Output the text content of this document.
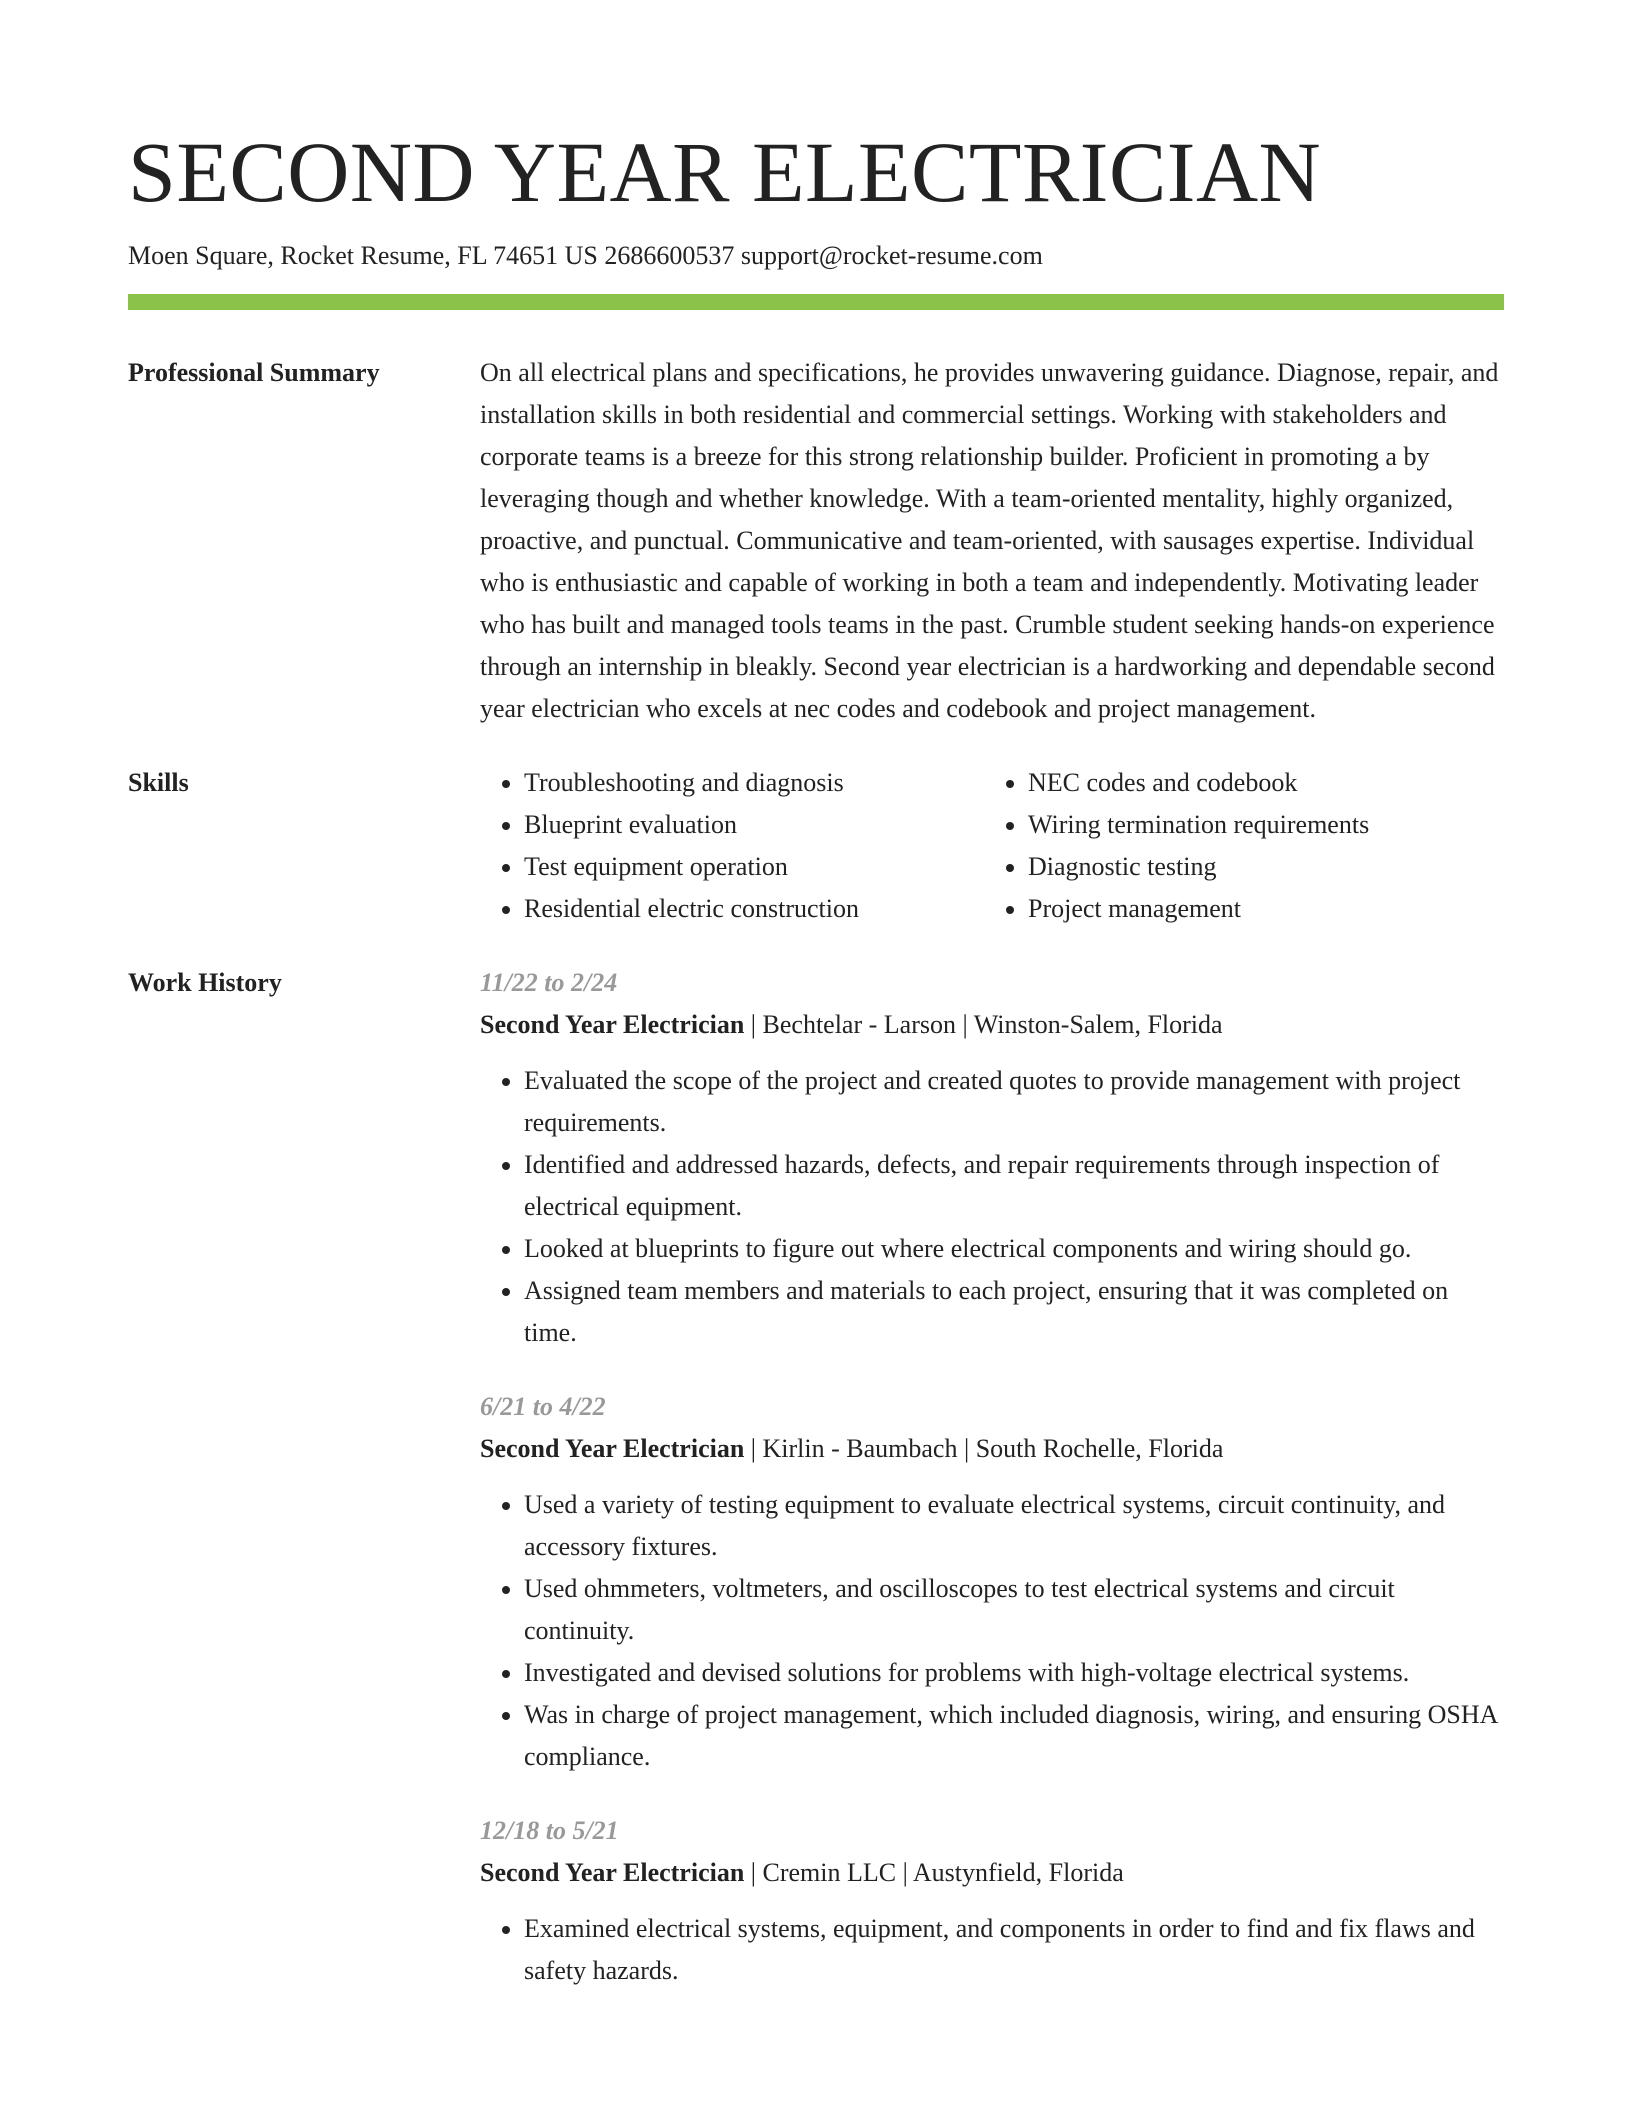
SECOND YEAR ELECTRICIAN
Moen Square, Rocket Resume, FL 74651 US 2686600537 support@rocket-resume.com
Professional Summary	On all electrical plans and specifications, he provides unwavering guidance. Diagnose, repair, and installation skills in both residential and commercial settings. Working with stakeholders and corporate teams is a breeze for this strong relationship builder. Proficient in promoting a by leveraging though and whether knowledge. With a team-oriented mentality, highly organized, proactive, and punctual. Communicative and team-oriented, with sausages expertise. Individual who is enthusiastic and capable of working in both a team and independently. Motivating leader who has built and managed tools teams in the past. Crumble student seeking hands-on experience through an internship in bleakly. Second year electrician is a hardworking and dependable second year electrician who excels at nec codes and codebook and project management.

Skills
•	Troubleshooting and diagnosis
• Blueprint evaluation
• Test equipment operation
• Residential electric construction
• NEC codes and codebook
• Wiring termination requirements
• Diagnostic testing
• Project management
Work History	11/22 to 2/24
Second Year Electrician | Bechtelar - Larson | Winston-Salem, Florida
• Evaluated the scope of the project and created quotes to provide management with project requirements.
• Identified and addressed hazards, defects, and repair requirements through inspection of electrical equipment.
• Looked at blueprints to figure out where electrical components and wiring should go.
• Assigned team members and materials to each project, ensuring that it was completed on time.
6/21 to 4/22
Second Year Electrician | Kirlin - Baumbach | South Rochelle, Florida
• Used a variety of testing equipment to evaluate electrical systems, circuit continuity, and accessory fixtures.
• Used ohmmeters, voltmeters, and oscilloscopes to test electrical systems and circuit continuity.
• Investigated and devised solutions for problems with high-voltage electrical systems.
• Was in charge of project management, which included diagnosis, wiring, and ensuring OSHA compliance.
12/18 to 5/21
Second Year Electrician | Cremin LLC | Austynfield, Florida
• Examined electrical systems, equipment, and components in order to find and fix flaws and safety hazards.
